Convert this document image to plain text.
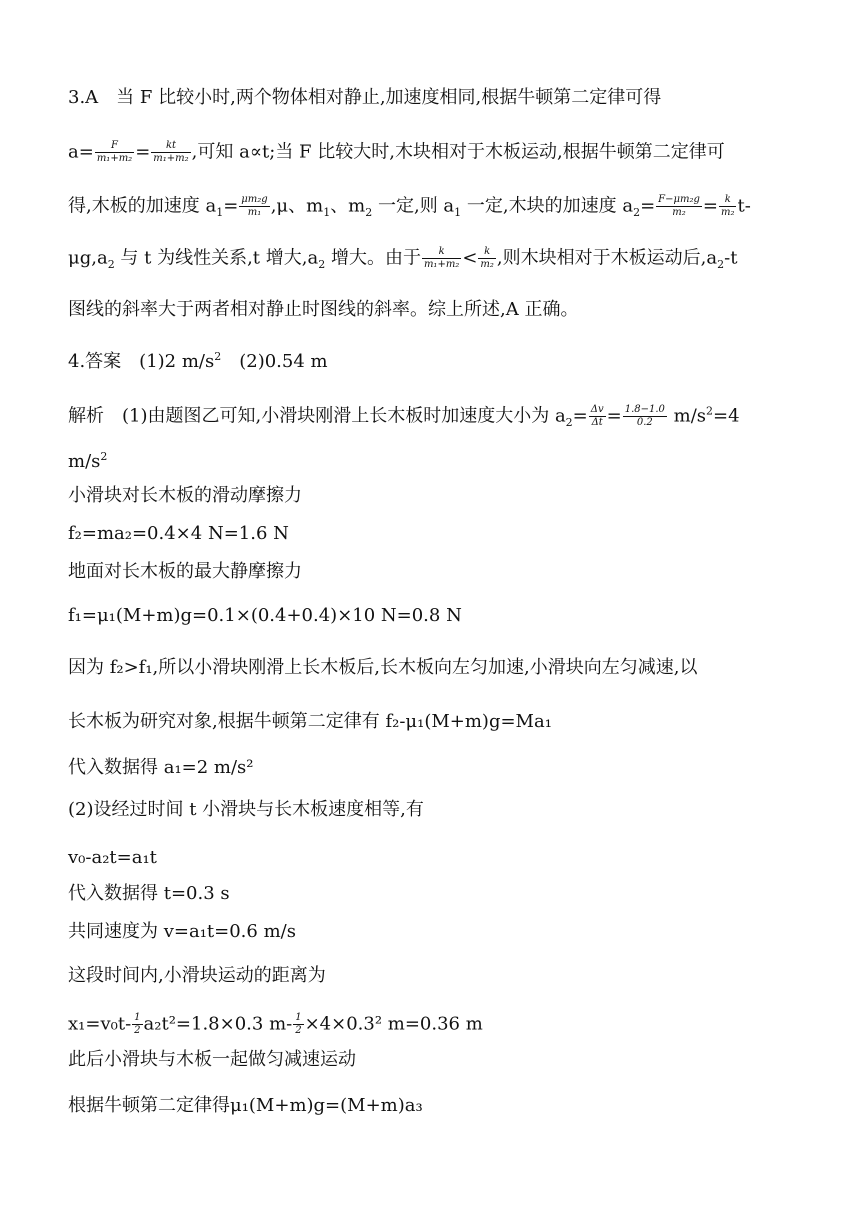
3.A　当 F 比较小时,两个物体相对静止,加速度相同,根据牛顿第二定律可得
$a= \frac{F}{\text{m₁+m₂}} = \frac{kt}{\text{m₁+m₂}}$ ,可知 a∝t;当 F 比较大时,木块相对于木板运动,根据牛顿第二定律可
得,木板的加速度 $a_1= \frac{\text{μm₂g}}{\text{m₁}} ,\mu$、$m_1$、$m_2$ 一定,则 $a_1$ 一定,木块的加速度 $a_2= \frac{\text{F−μm₂g}}{\text{m₂}} = \frac{k}{\text{m₂}} t-$
$\mu g,a_2$ 与 t 为线性关系,t 增大$,a_2$ 增大。由于 $\frac{k}{\text{m₁+m₂}} < \frac{k}{\text{m₂}}$ ,则木块相对于木板运动后$,a_2-t$
图线的斜率大于两者相对静止时图线的斜率。综上所述,A 正确。
4.答案　(1)2 $m/s^2$　(2)0.54 m
解析　(1)由题图乙可知,小滑块刚滑上长木板时加速度大小为 $a_2= \frac{\Delta v}{\Delta t} = \frac{1.8-1.0}{0.2} m/s^2=4$
$m/s^2$
小滑块对长木板的滑动摩擦力
f₂=ma₂=0.4×4 N=1.6 N
地面对长木板的最大静摩擦力
f₁=μ₁(M+m)g=0.1×(0.4+0.4)×10 N=0.8 N
因为 f₂>f₁,所以小滑块刚滑上长木板后,长木板向左匀加速,小滑块向左匀减速,以
长木板为研究对象,根据牛顿第二定律有 f₂-μ₁(M+m)g=Ma₁
代入数据得 a₁=2 m/s²
(2)设经过时间 t 小滑块与长木板速度相等,有
v₀-a₂t=a₁t
代入数据得 t=0.3 s
共同速度为 v=a₁t=0.6 m/s
这段时间内,小滑块运动的距离为
$x_1=v_0t- \frac{1}{2} a_2t^2=1.8\times 0.3$ $m- \frac{1}{2} \times 4\times 0.3^2$ m=0.36 m
此后小滑块与木板一起做匀减速运动
根据牛顿第二定律得μ₁(M+m)g=(M+m)a₃
